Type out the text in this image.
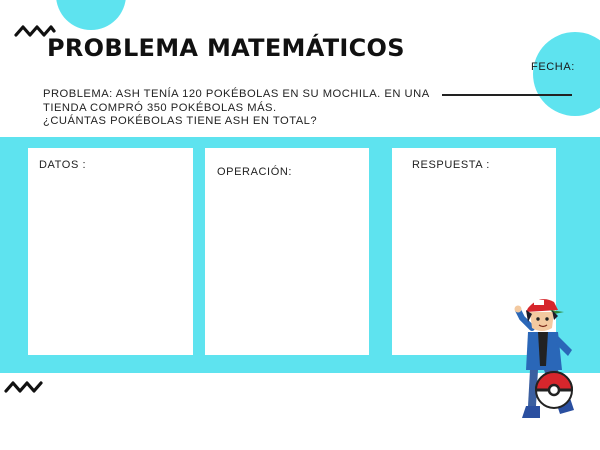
PROBLEMA MATEMÁTICOS
FECHA:
PROBLEMA: ASH TENÍA 120 POKÉBOLAS EN SU MOCHILA. EN UNA
TIENDA COMPRÓ 350 POKÉBOLAS MÁS.
¿CUÁNTAS POKÉBOLAS TIENE ASH EN TOTAL?
DATOS :
OPERACIÓN:
RESPUESTA :
